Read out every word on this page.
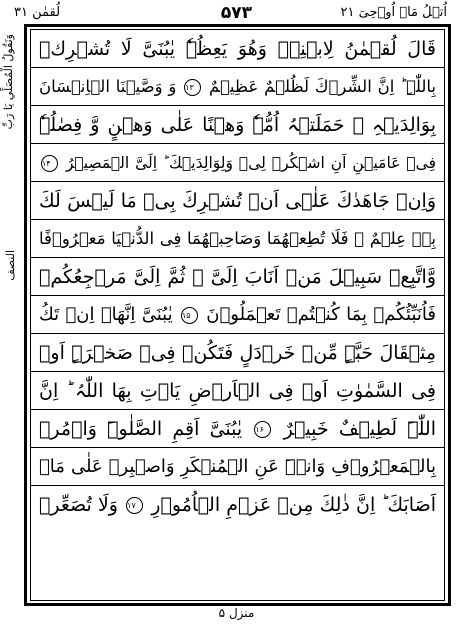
لُقمٰن ۳۱	۵۷۳	اُتۡلُ مَاۤ اُوۡحِیَ ۲۱
وَنَقُولُ الْمُصَلِّي يَا رَبِّ
النصف
قَالَ لُقۡمٰنُ لِابۡنِہٖ وَھُوَ یَعِظُہٗ یٰبُنَیَّ لَا تُشۡرِكۡ
بِاللّٰہِ ؕ اِنَّ الشِّرۡكَ لَظُلۡمٌ عَظِیۡمٌ ۱۳ وَ وَصَّیۡنَا الۡاِنۡسَانَ
بِوَالِدَیۡہِ ۚ حَمَلَتۡہُ اُمُّہٗ وَھۡنًا عَلٰی وَھۡنٍ وَّ فِصٰلُہٗ
فِیۡ عَامَیۡنِ اَنِ اشۡکُرۡ لِیۡ وَلِوَالِدَیۡكَ ؕ اِلَیَّ الۡمَصِیۡرُ ۱۴
وَاِنۡ جَاھَدٰكَ عَلٰۤی اَنۡ تُشۡرِكَ بِیۡ مَا لَیۡسَ لَكَ
بِہٖ عِلۡمٌ ۙ فَلَا تُطِعۡھُمَا وَصَاحِبۡھُمَا فِی الدُّنۡیَا مَعۡرُوۡفًا
وَّاتَّبِعۡ سَبِیۡلَ مَنۡ اَنَابَ اِلَیَّ ۚ ثُمَّ اِلَیَّ مَرۡجِعُکُمۡ
فَاُنَبِّئُکُمۡ بِمَا کُنۡتُمۡ تَعۡمَلُوۡنَ ۱۵ یٰبُنَیَّ اِنَّھَاۤ اِنۡ تَكُ
مِثۡقَالَ حَبَّۃٍ مِّنۡ خَرۡدَلٍ فَتَکُنۡ فِیۡ صَخۡرَۃٍ اَوۡ
فِی السَّمٰوٰتِ اَوۡ فِی الۡاَرۡضِ یَاۡتِ بِھَا اللّٰہُ ؕ اِنَّ
اللّٰہَ لَطِیۡفٌ خَبِیۡرٌ ۱۶ یٰبُنَیَّ اَقِمِ الصَّلٰوۃَ وَاۡمُرۡ
بِالۡمَعۡرُوۡفِ وَانۡہَ عَنِ الۡمُنۡکَرِ وَاصۡبِرۡ عَلٰی مَاۤ
اَصَابَكَ ؕ اِنَّ ذٰلِكَ مِنۡ عَزۡمِ الۡاُمُوۡرِ ۱۷ وَلَا تُصَعِّرۡ
منزل ۵
